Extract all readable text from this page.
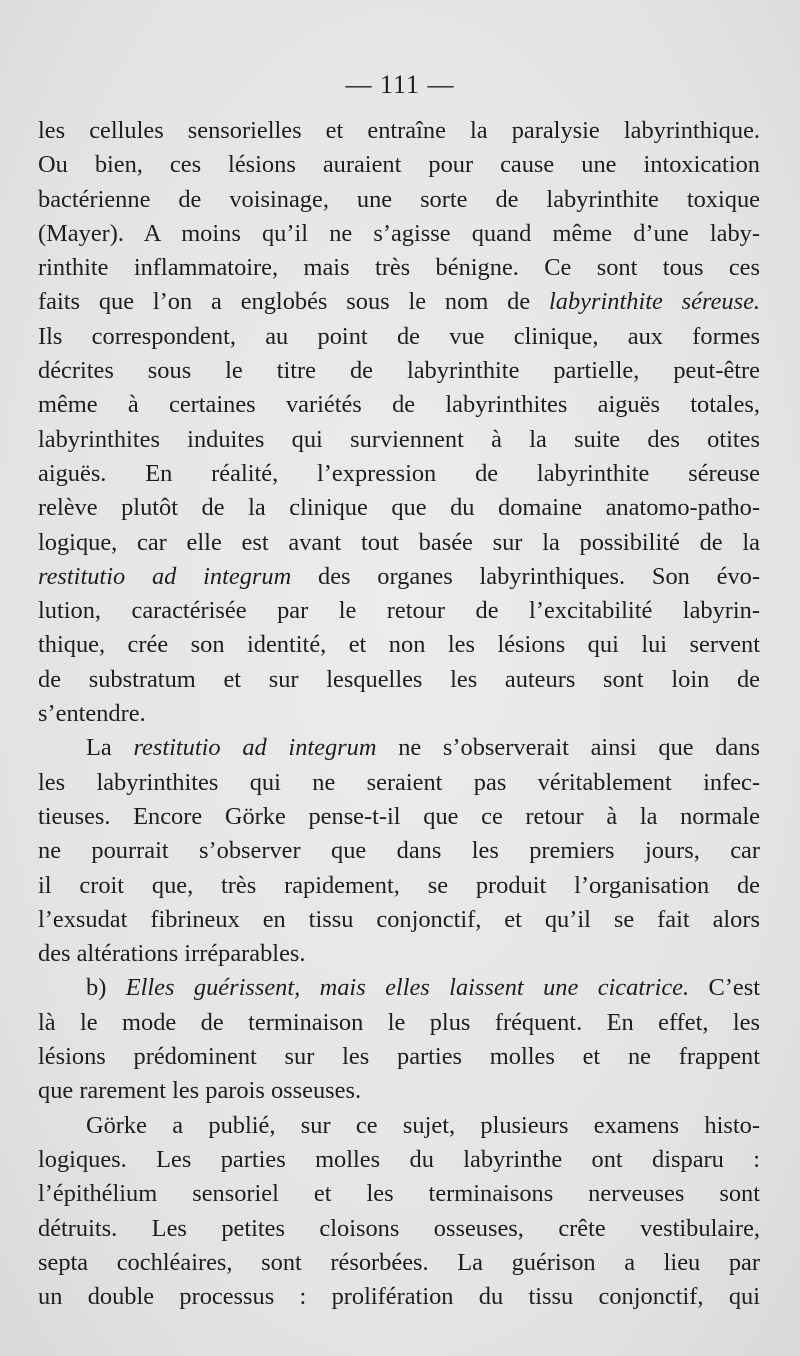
— 111 —
les cellules sensorielles et entraîne la paralysie labyrinthique.
Ou bien, ces lésions auraient pour cause une intoxication
bactérienne de voisinage, une sorte de labyrinthite toxique
(Mayer). A moins qu’il ne s’agisse quand même d’une laby-
rinthite inflammatoire, mais très bénigne. Ce sont tous ces
faits que l’on a englobés sous le nom de labyrinthite séreuse.
Ils correspondent, au point de vue clinique, aux formes
décrites sous le titre de labyrinthite partielle, peut-être
même à certaines variétés de labyrinthites aiguës totales,
labyrinthites induites qui surviennent à la suite des otites
aiguës. En réalité, l’expression de labyrinthite séreuse
relève plutôt de la clinique que du domaine anatomo-patho-
logique, car elle est avant tout basée sur la possibilité de la
restitutio ad integrum des organes labyrinthiques. Son évo-
lution, caractérisée par le retour de l’excitabilité labyrin-
thique, crée son identité, et non les lésions qui lui servent
de substratum et sur lesquelles les auteurs sont loin de
s’entendre.
La restitutio ad integrum ne s’observerait ainsi que dans
les labyrinthites qui ne seraient pas véritablement infec-
tieuses. Encore Görke pense-t-il que ce retour à la normale
ne pourrait s’observer que dans les premiers jours, car
il croit que, très rapidement, se produit l’organisation de
l’exsudat fibrineux en tissu conjonctif, et qu’il se fait alors
des altérations irréparables.
b) Elles guérissent, mais elles laissent une cicatrice. C’est
là le mode de terminaison le plus fréquent. En effet, les
lésions prédominent sur les parties molles et ne frappent
que rarement les parois osseuses.
Görke a publié, sur ce sujet, plusieurs examens histo-
logiques. Les parties molles du labyrinthe ont disparu :
l’épithélium sensoriel et les terminaisons nerveuses sont
détruits. Les petites cloisons osseuses, crête vestibulaire,
septa cochléaires, sont résorbées. La guérison a lieu par
un double processus : prolifération du tissu conjonctif, qui
